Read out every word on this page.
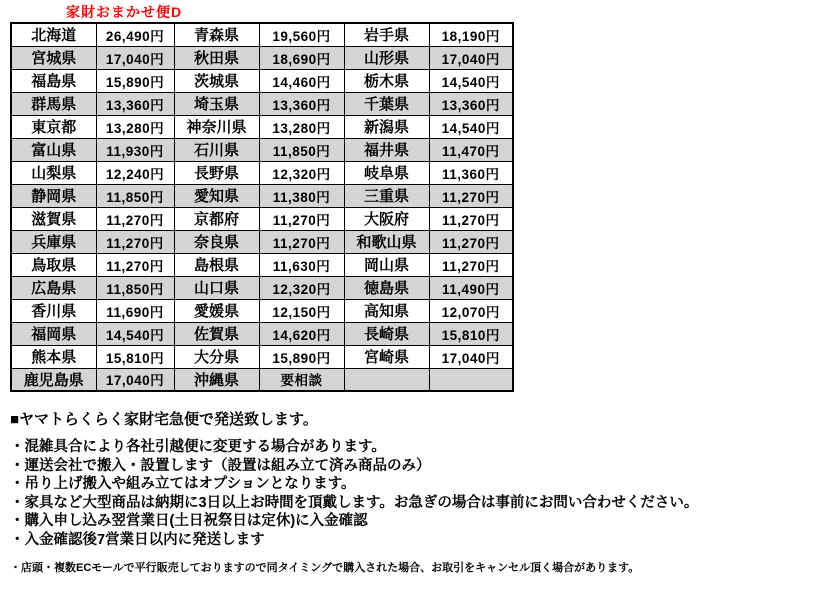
家財おまかせ便D
北海道	26,490円	青森県	19,560円	岩手県	18,190円
宮城県	17,040円	秋田県	18,690円	山形県	17,040円
福島県	15,890円	茨城県	14,460円	栃木県	14,540円
群馬県	13,360円	埼玉県	13,360円	千葉県	13,360円
東京都	13,280円	神奈川県	13,280円	新潟県	14,540円
富山県	11,930円	石川県	11,850円	福井県	11,470円
山梨県	12,240円	長野県	12,320円	岐阜県	11,360円
静岡県	11,850円	愛知県	11,380円	三重県	11,270円
滋賀県	11,270円	京都府	11,270円	大阪府	11,270円
兵庫県	11,270円	奈良県	11,270円	和歌山県	11,270円
鳥取県	11,270円	島根県	11,630円	岡山県	11,270円
広島県	11,850円	山口県	12,320円	徳島県	11,490円
香川県	11,690円	愛媛県	12,150円	高知県	12,070円
福岡県	14,540円	佐賀県	14,620円	長崎県	15,810円
熊本県	15,810円	大分県	15,890円	宮崎県	17,040円
鹿児島県	17,040円	沖縄県	要相談		

■ヤマトらくらく家財宅急便で発送致します。

・混雑具合により各社引越便に変更する場合があります。
・運送会社で搬入・設置します（設置は組み立て済み商品のみ）
・吊り上げ搬入や組み立てはオプションとなります。
・家具など大型商品は納期に3日以上お時間を頂戴します。お急ぎの場合は事前にお問い合わせください。
・購入申し込み翌営業日(土日祝祭日は定休)に入金確認
・入金確認後7営業日以内に発送します

・店頭・複数ECモールで平行販売しておりますので同タイミングで購入された場合、お取引をキャンセル頂く場合があります。
